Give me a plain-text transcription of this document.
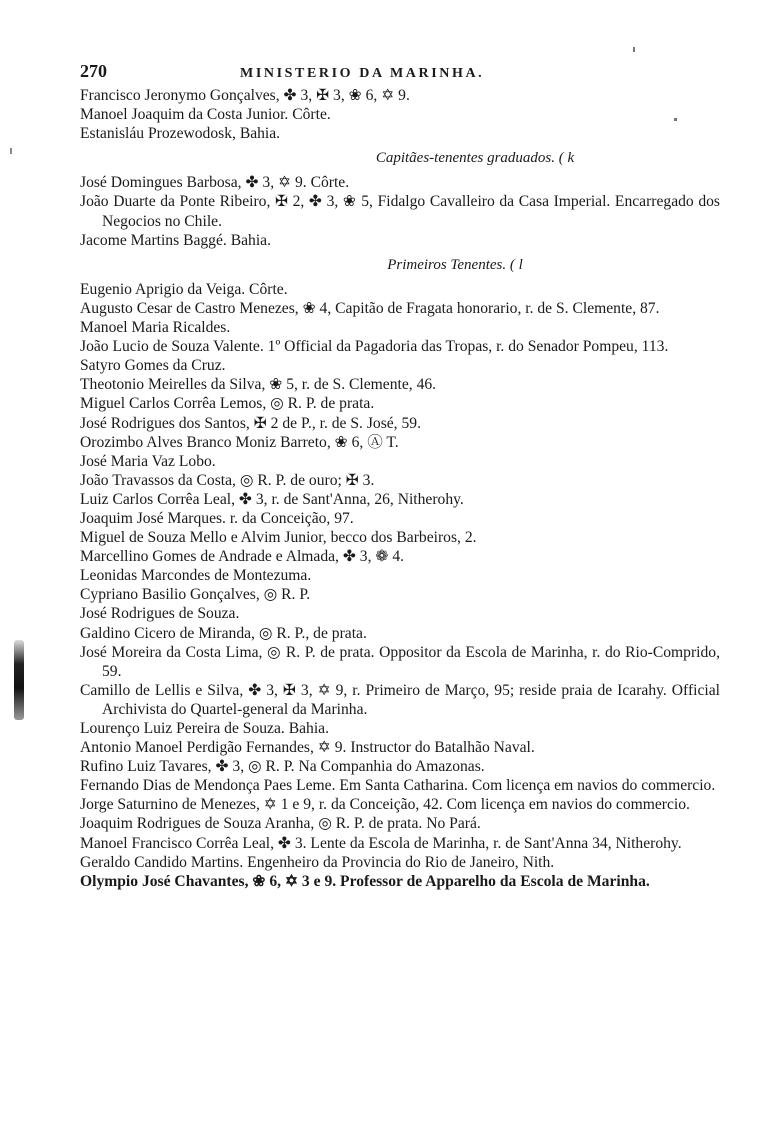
270	MINISTERIO DA MARINHA.
Francisco Jeronymo Gonçalves, ✤ 3, ✠ 3, ❀ 6, ✡ 9.
Manoel Joaquim da Costa Junior. Côrte.
Estanisláu Prozewodosk, Bahia.
Capitães-tenentes graduados. ( k
José Domingues Barbosa, ✤ 3, ✡ 9. Côrte.
João Duarte da Ponte Ribeiro, ✠ 2, ✤ 3, ❀ 5, Fidalgo Cavalleiro da Casa Imperial. Encarregado dos Negocios no Chile.
Jacome Martins Baggé. Bahia.
Primeiros Tenentes. ( l
Eugenio Aprigio da Veiga. Côrte.
Augusto Cesar de Castro Menezes, ❀ 4, Capitão de Fragata honorario, r. de S. Clemente, 87.
Manoel Maria Ricaldes.
João Lucio de Souza Valente. 1º Official da Pagadoria das Tropas, r. do Senador Pompeu, 113.
Satyro Gomes da Cruz.
Theotonio Meirelles da Silva, ❀ 5, r. de S. Clemente, 46.
Miguel Carlos Corrêa Lemos, ◎ R. P. de prata.
José Rodrigues dos Santos, ✠ 2 de P., r. de S. José, 59.
Orozimbo Alves Branco Moniz Barreto, ❀ 6, Ⓐ T.
José Maria Vaz Lobo.
João Travassos da Costa, ◎ R. P. de ouro; ✠ 3.
Luiz Carlos Corrêa Leal, ✤ 3, r. de Sant'Anna, 26, Nitherohy.
Joaquim José Marques. r. da Conceição, 97.
Miguel de Souza Mello e Alvim Junior, becco dos Barbeiros, 2.
Marcellino Gomes de Andrade e Almada, ✤ 3, ❁ 4.
Leonidas Marcondes de Montezuma.
Cypriano Basilio Gonçalves, ◎ R. P.
José Rodrigues de Souza.
Galdino Cicero de Miranda, ◎ R. P., de prata.
José Moreira da Costa Lima, ◎ R. P. de prata. Oppositor da Escola de Marinha, r. do Rio-Comprido, 59.
Camillo de Lellis e Silva, ✤ 3, ✠ 3, ✡ 9, r. Primeiro de Março, 95; reside praia de Icarahy. Official Archivista do Quartel-general da Marinha.
Lourenço Luiz Pereira de Souza. Bahia.
Antonio Manoel Perdigão Fernandes, ✡ 9. Instructor do Batalhão Naval.
Rufino Luiz Tavares, ✤ 3, ◎ R. P. Na Companhia do Amazonas.
Fernando Dias de Mendonça Paes Leme. Em Santa Catharina. Com licença em navios do commercio.
Jorge Saturnino de Menezes, ✡ 1 e 9, r. da Conceição, 42. Com licença em navios do commercio.
Joaquim Rodrigues de Souza Aranha, ◎ R. P. de prata. No Pará.
Manoel Francisco Corrêa Leal, ✤ 3. Lente da Escola de Marinha, r. de Sant'Anna 34, Nitherohy.
Geraldo Candido Martins. Engenheiro da Provincia do Rio de Janeiro, Nith.
Olympio José Chavantes, ❀ 6, ✡ 3 e 9. Professor de Apparelho da Escola de Marinha.
